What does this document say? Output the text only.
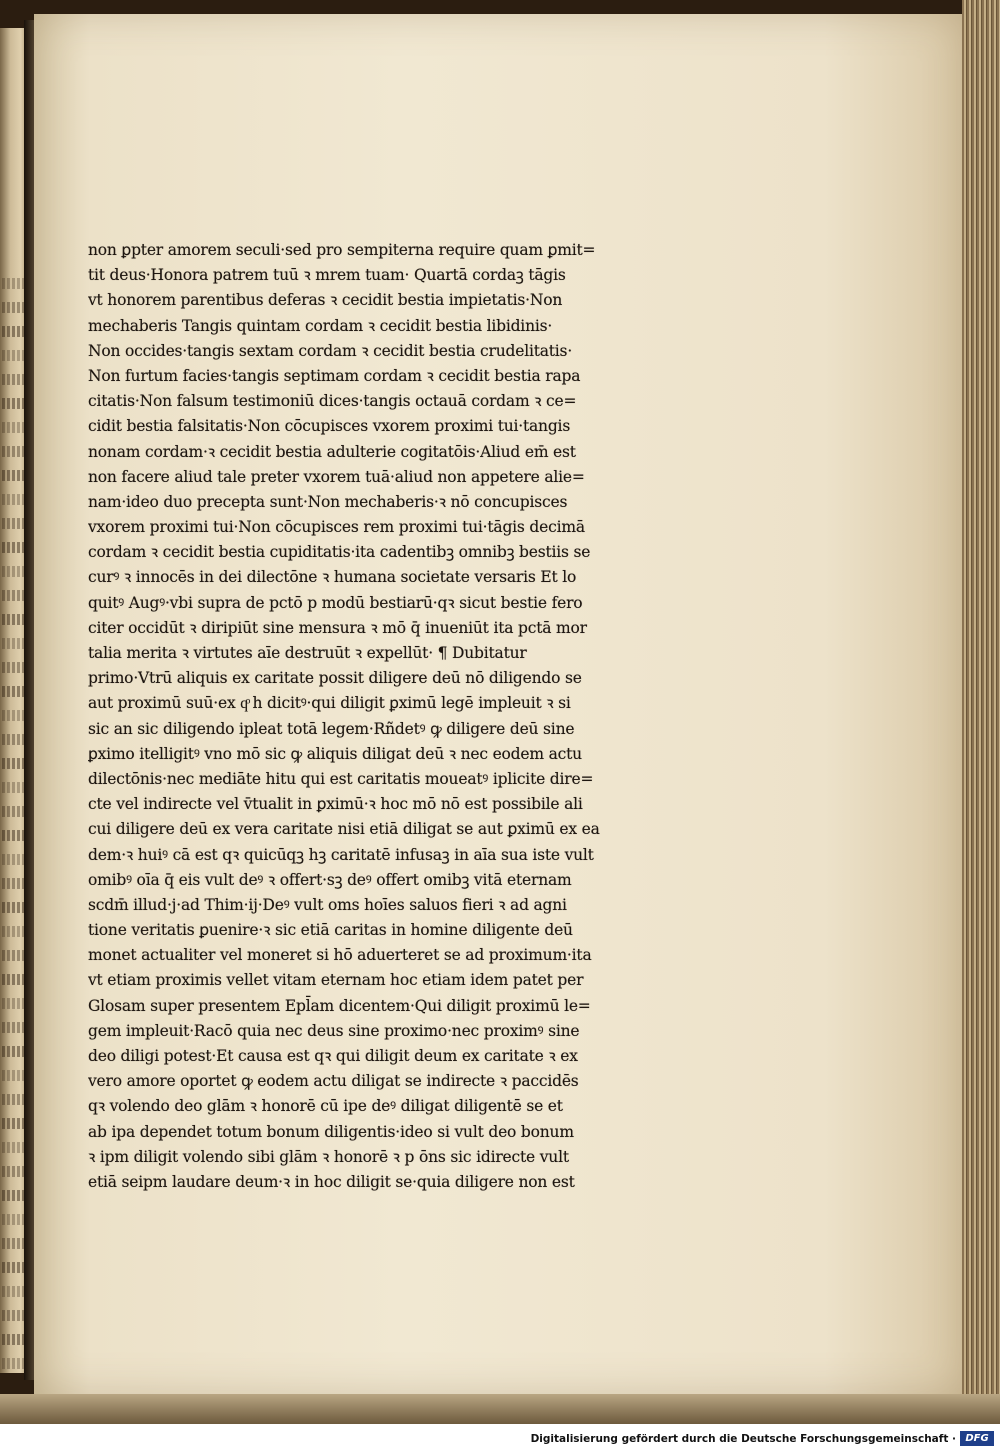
non ꝑpter amorem seculi·sed pro sempiterna require quam ꝑmit=
tit deus·Honora patrem tuū ꝛ mrem tuam· Quartā cordaꝫ tāgis
vt honorem parentibus deferas ꝛ cecidit bestia impietatis·Non
mechaberis Tangis quintam cordam ꝛ cecidit bestia libidinis·
Non occides·tangis sextam cordam ꝛ cecidit bestia crudelitatis·
Non furtum facies·tangis septimam cordam ꝛ cecidit bestia rapa
citatis·Non falsum testimoniū dices·tangis octauā cordam ꝛ ce=
cidit bestia falsitatis·Non cōcupisces vxorem proximi tui·tangis
nonam cordam·ꝛ cecidit bestia adulterie cogitatōis·Aliud em̄ est
non facere aliud tale preter vxorem tuā·aliud non appetere alie=
nam·ideo duo precepta sunt·Non mechaberis·ꝛ nō concupisces
vxorem proximi tui·Non cōcupisces rem proximi tui·tāgis decimā
cordam ꝛ cecidit bestia cupiditatis·ita cadentibꝫ omnibꝫ bestiis se
curꝰ ꝛ innocēs in dei dilectōne ꝛ humana societate versaris Et lo
quitꝰ Augꝰ·vbi supra de pctō p modū bestiarū·qꝛ sicut bestie fero
citer occidūt ꝛ diripiūt sine mensura ꝛ mō q̄ inueniūt ita pctā mor
talia merita ꝛ virtutes aīe destruūt ꝛ expellūt· ¶ Dubitatur
primo·Vtrū aliquis ex caritate possit diligere deū nō diligendo se
aut proximū suū·ex qͦ h dicitꝰ·qui diligit ꝑximū legē impleuit ꝛ si
sic an sic diligendo ipleat totā legem·Rñdetꝰ ꝙ diligere deū sine
ꝑximo itelligitꝰ vno mō sic ꝙ aliquis diligat deū ꝛ nec eodem actu
dilectōnis·nec mediāte hitu qui est caritatis moueatꝰ iplicite dire=
cte vel indirecte vel v̄tualit in ꝑximū·ꝛ hoc mō nō est possibile ali
cui diligere deū ex vera caritate nisi etiā diligat se aut ꝑximū ex ea
dem·ꝛ huiꝰ cā est qꝛ quicūqꝫ hꝫ caritatē infusaꝫ in aīa sua iste vult
omibꝰ oīa q̄ eis vult deꝰ ꝛ offert·sꝫ deꝰ offert omibꝫ vitā eternam
scdm̄ illud·j·ad Thim·ij·Deꝰ vult oms hoīes saluos fieri ꝛ ad agni
tione veritatis ꝑuenire·ꝛ sic etiā caritas in homine diligente deū
monet actualiter vel moneret si hō aduerteret se ad proximum·ita
vt etiam proximis vellet vitam eternam hoc etiam idem patet per
Glosam super presentem Epl̄am dicentem·Qui diligit proximū le=
gem impleuit·Racō quia nec deus sine proximo·nec proximꝰ sine
deo diligi potest·Et causa est qꝛ qui diligit deum ex caritate ꝛ ex
vero amore oportet ꝙ eodem actu diligat se indirecte ꝛ paccidēs
qꝛ volendo deo glām ꝛ honorē cū ipe deꝰ diligat diligentē se et
ab ipa dependet totum bonum diligentis·ideo si vult deo bonum
ꝛ ipm diligit volendo sibi glām ꝛ honorē ꝛ p ōns sic idirecte vult
etiā seipm laudare deum·ꝛ in hoc diligit se·quia diligere non est
Digitalisierung gefördert durch die Deutsche Forschungsgemeinschaft · DFG
